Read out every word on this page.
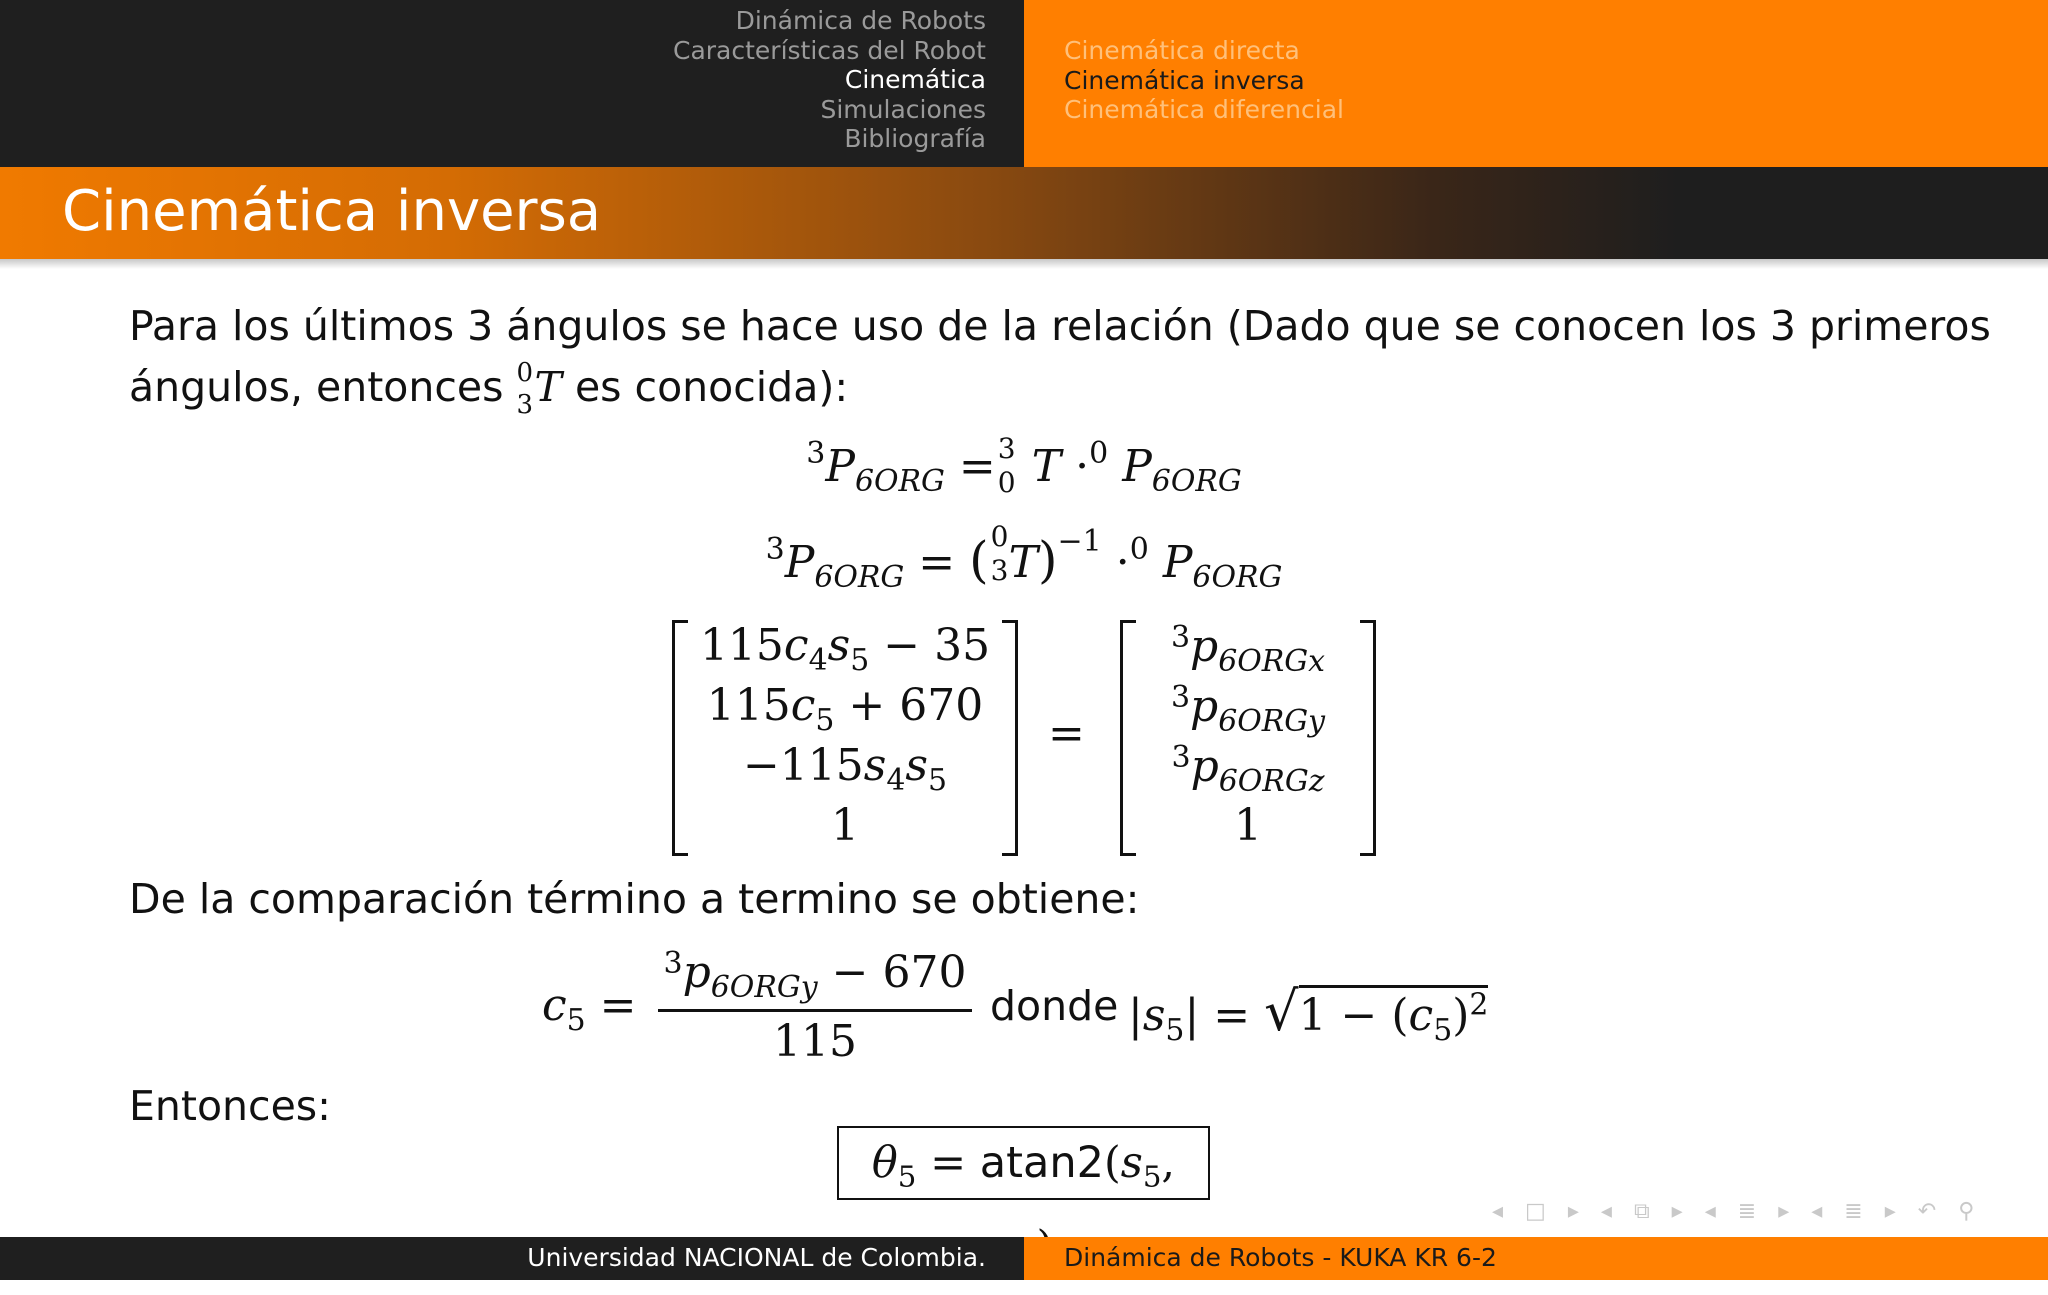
Dinámica de Robots
Características del Robot
Cinemática
Simulaciones
Bibliografía
Cinemática directa
Cinemática inversa
Cinemática diferencial
Cinemática inversa
Para los últimos 3 ángulos se hace uso de la relación (Dado que se conocen los 3 primeros
ángulos, entonces 0
3 T es conocida):
$^3P_{6ORG} = 3$
0 T ·$^0$ $P_{6ORG}$
$^3P_{6ORG}$ = ( 0
3 T)$^{-1}$ ·$^0$ $P_{6ORG}$
$115c_4s_5 - 35$
$115c_5 + 670$
$-115s_4s_5$
1
=
$^3p_{6ORGx}$
$^3p_{6ORGy}$
$^3p_{6ORGz}$
1
De la comparación término a termino se obtiene:
$c_5$ =
$^3p_{6ORGy} - 670$
115
donde $|s_5| = √1 - (c_5)^2$
Entonces:
$\theta_5 = atan2(s_5$,
◂ □ ▸ ◂ ⧉ ▸ ◂ ≣ ▸ ◂ ≣ ▸ ↶ ⚲
Universidad NACIONAL de Colombia.	Dinámica de Robots - KUKA KR 6-2
